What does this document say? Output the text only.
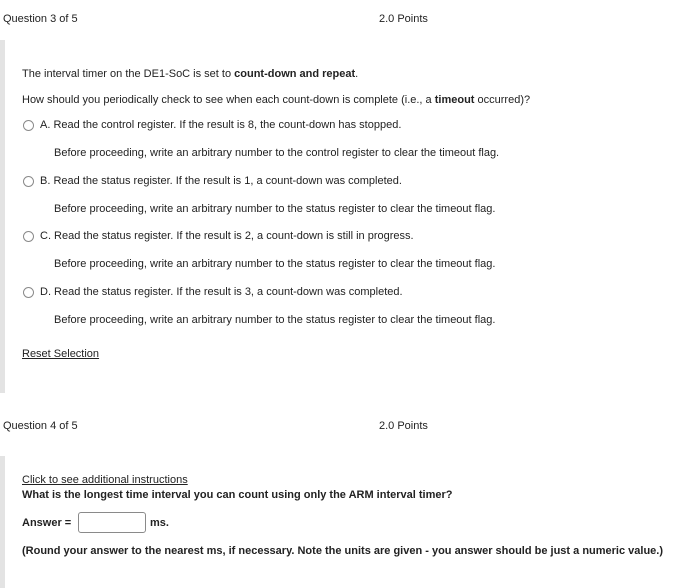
Question 3 of 5	2.0 Points
The interval timer on the DE1-SoC is set to count-down and repeat.
How should you periodically check to see when each count-down is complete (i.e., a timeout occurred)?
A. Read the control register. If the result is 8, the count-down has stopped.
Before proceeding, write an arbitrary number to the control register to clear the timeout flag.
B. Read the status register. If the result is 1, a count-down was completed.
Before proceeding, write an arbitrary number to the status register to clear the timeout flag.
C. Read the status register. If the result is 2, a count-down is still in progress.
Before proceeding, write an arbitrary number to the status register to clear the timeout flag.
D. Read the status register. If the result is 3, a count-down was completed.
Before proceeding, write an arbitrary number to the status register to clear the timeout flag.
Reset Selection
Question 4 of 5	2.0 Points
Click to see additional instructions
What is the longest time interval you can count using only the ARM interval timer?
Answer =	ms.
(Round your answer to the nearest ms, if necessary. Note the units are given - you answer should be just a numeric value.)
